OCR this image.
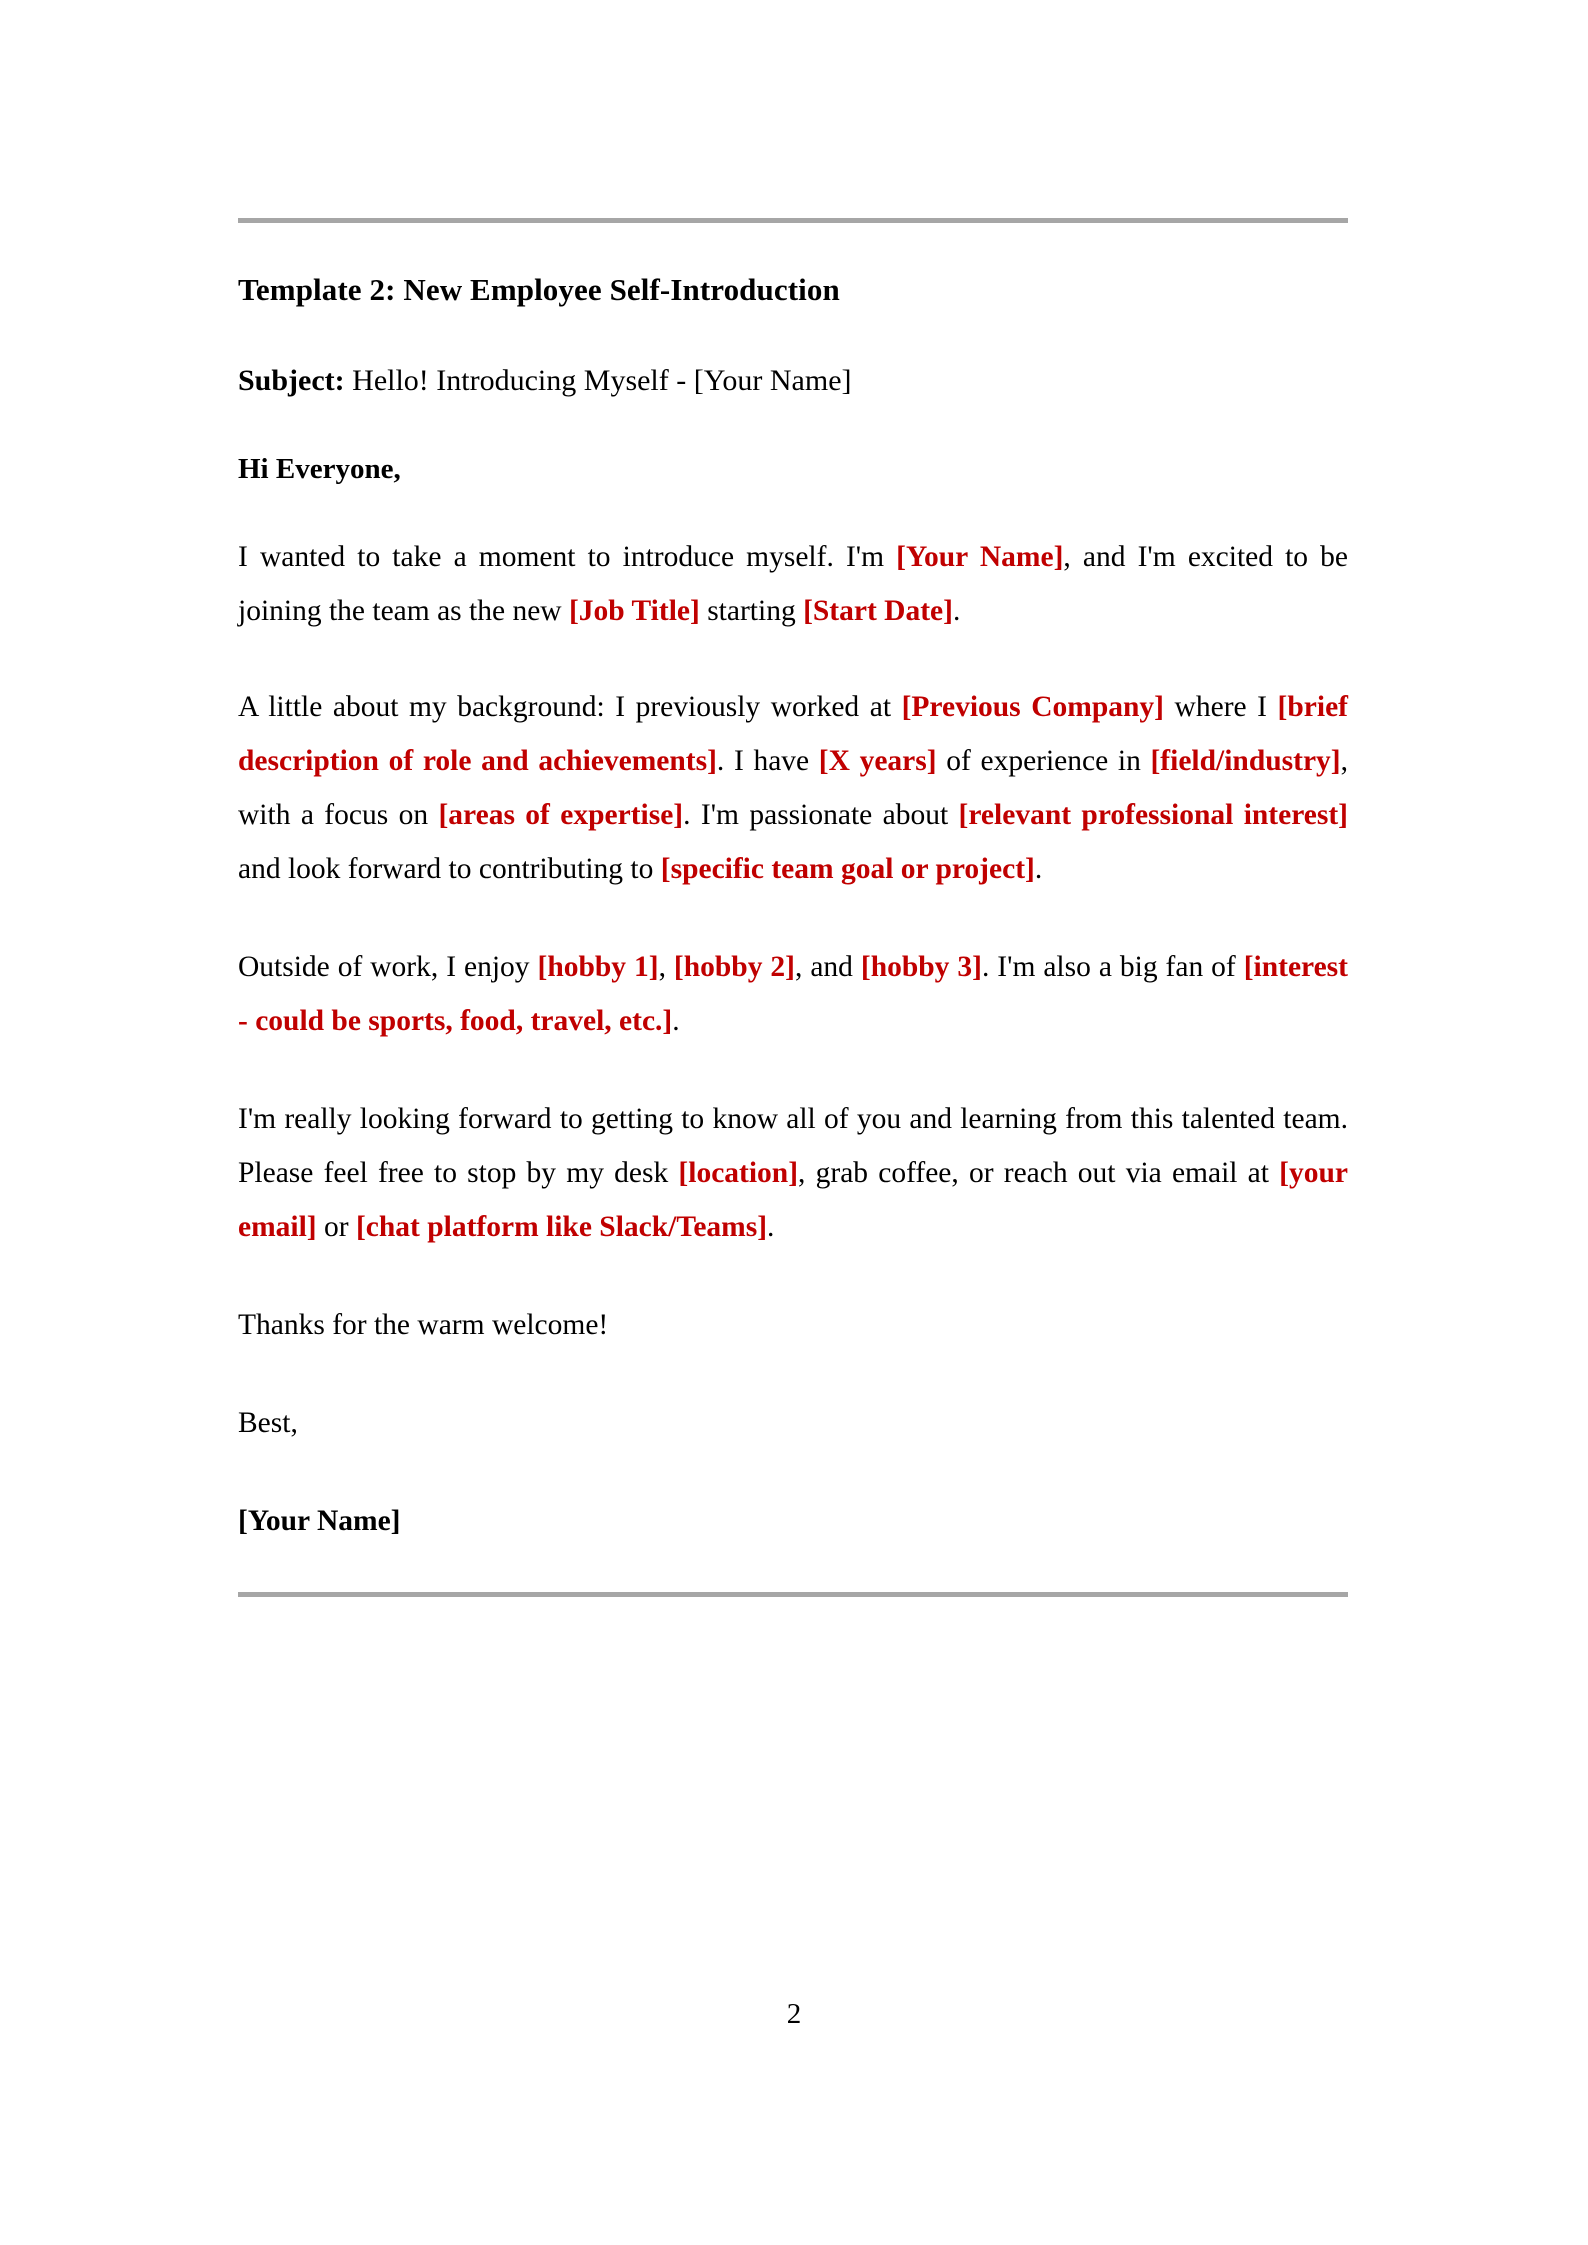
Template 2: New Employee Self-Introduction
Subject: Hello! Introducing Myself - [Your Name]
Hi Everyone,

I wanted to take a moment to introduce myself. I'm [Your Name], and I'm excited to be joining the team as the new [Job Title] starting [Start Date].

A little about my background: I previously worked at [Previous Company] where I [brief description of role and achievements]. I have [X years] of experience in [field/industry], with a focus on [areas of expertise]. I'm passionate about [relevant professional interest] and look forward to contributing to [specific team goal or project].

Outside of work, I enjoy [hobby 1], [hobby 2], and [hobby 3]. I'm also a big fan of [interest - could be sports, food, travel, etc.].

I'm really looking forward to getting to know all of you and learning from this talented team. Please feel free to stop by my desk [location], grab coffee, or reach out via email at [your email] or [chat platform like Slack/Teams].

Thanks for the warm welcome!

Best,

[Your Name]
2
